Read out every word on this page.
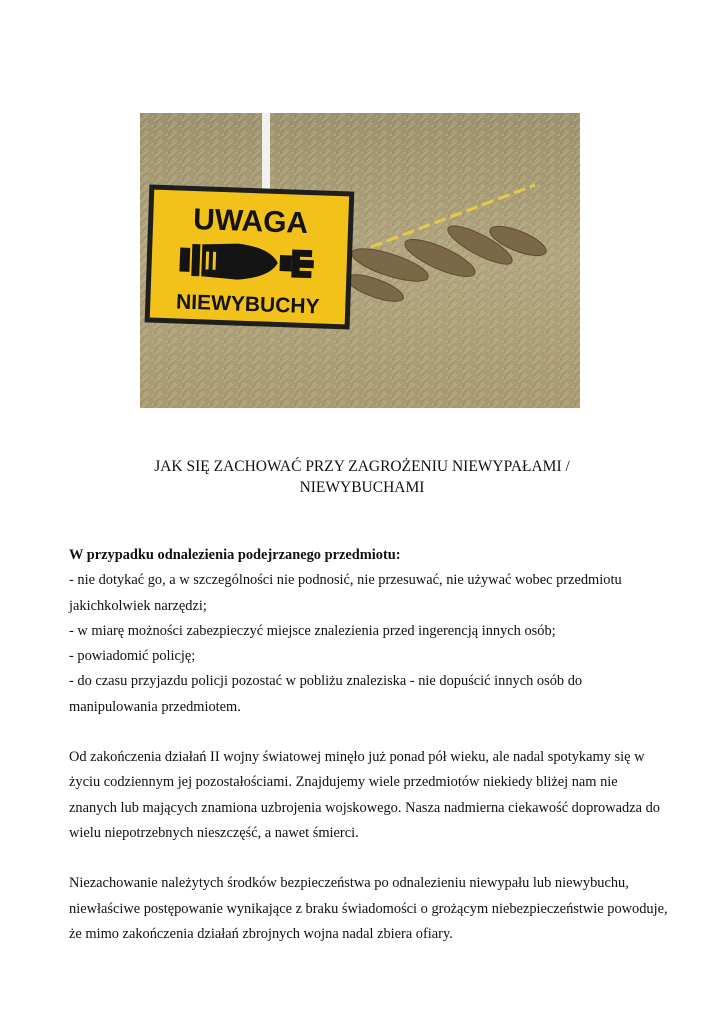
UWAGA
NIEWYBUCHY
JAK SIĘ ZACHOWAĆ PRZY ZAGROŻENIU NIEWYPAŁAMI /
NIEWYBUCHAMI

W przypadku odnalezienia podejrzanego przedmiotu:

- nie dotykać go, a w szczególności nie podnosić, nie przesuwać, nie używać wobec przedmiotu jakichkolwiek narzędzi;

- w miarę możności zabezpieczyć miejsce znalezienia przed ingerencją innych osób;

- powiadomić policję;

- do czasu przyjazdu policji pozostać w pobliżu znaleziska - nie dopuścić innych osób do manipulowania przedmiotem.

Od zakończenia działań II wojny światowej minęło już ponad pół wieku, ale nadal spotykamy się w życiu codziennym jej pozostałościami. Znajdujemy wiele przedmiotów niekiedy bliżej nam nie znanych lub mających znamiona uzbrojenia wojskowego. Nasza nadmierna ciekawość doprowadza do wielu niepotrzebnych nieszczęść, a nawet śmierci.

Niezachowanie należytych środków bezpieczeństwa po odnalezieniu niewypału lub niewybuchu, niewłaściwe postępowanie wynikające z braku świadomości o grożącym niebezpieczeństwie powoduje, że mimo zakończenia działań zbrojnych wojna nadal zbiera ofiary.
